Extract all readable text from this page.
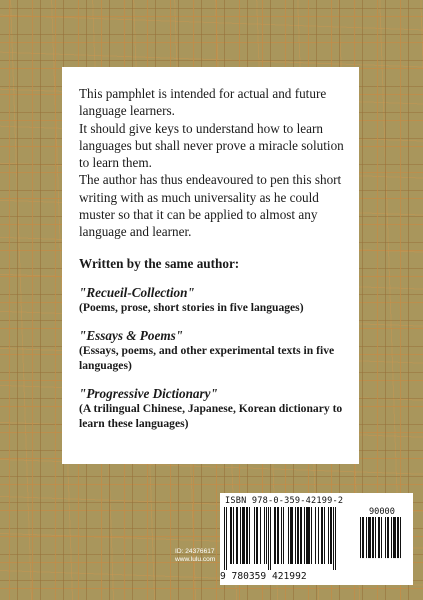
This pamphlet is intended for actual and future language learners.

It should give keys to understand how to learn languages but shall never prove a miracle solution to learn them.

The author has thus endeavoured to pen this short writing with as much universality as he could muster so that it can be applied to almost any language and learner.

Written by the same author:
"Recueil-Collection"
(Poems, prose, short stories in five languages)
"Essays & Poems"
(Essays, poems, and other experimental texts in five languages)
"Progressive Dictionary"
(A trilingual Chinese, Japanese, Korean dictionary to learn these languages)
ID: 24376617
www.lulu.com
ISBN 978-0-359-42199-2
90000
9 780359 421992
